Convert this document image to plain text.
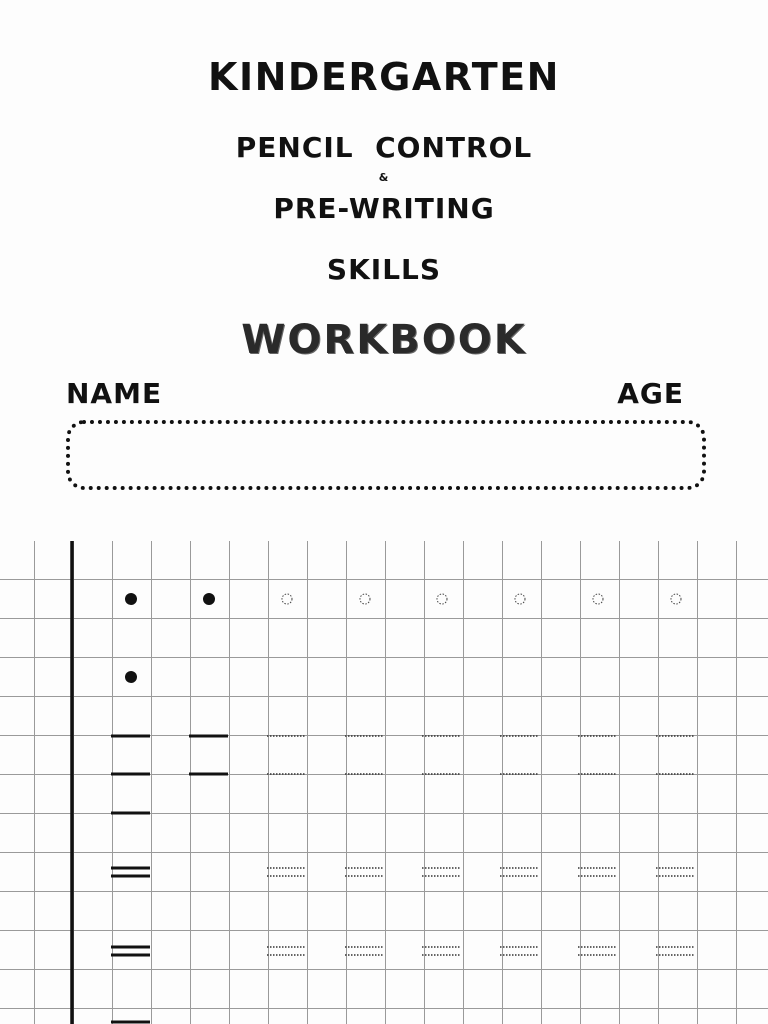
KINDERGARTEN
PENCIL  CONTROL
&
PRE-WRITING
SKILLS
WORKBOOK
NAME	AGE
